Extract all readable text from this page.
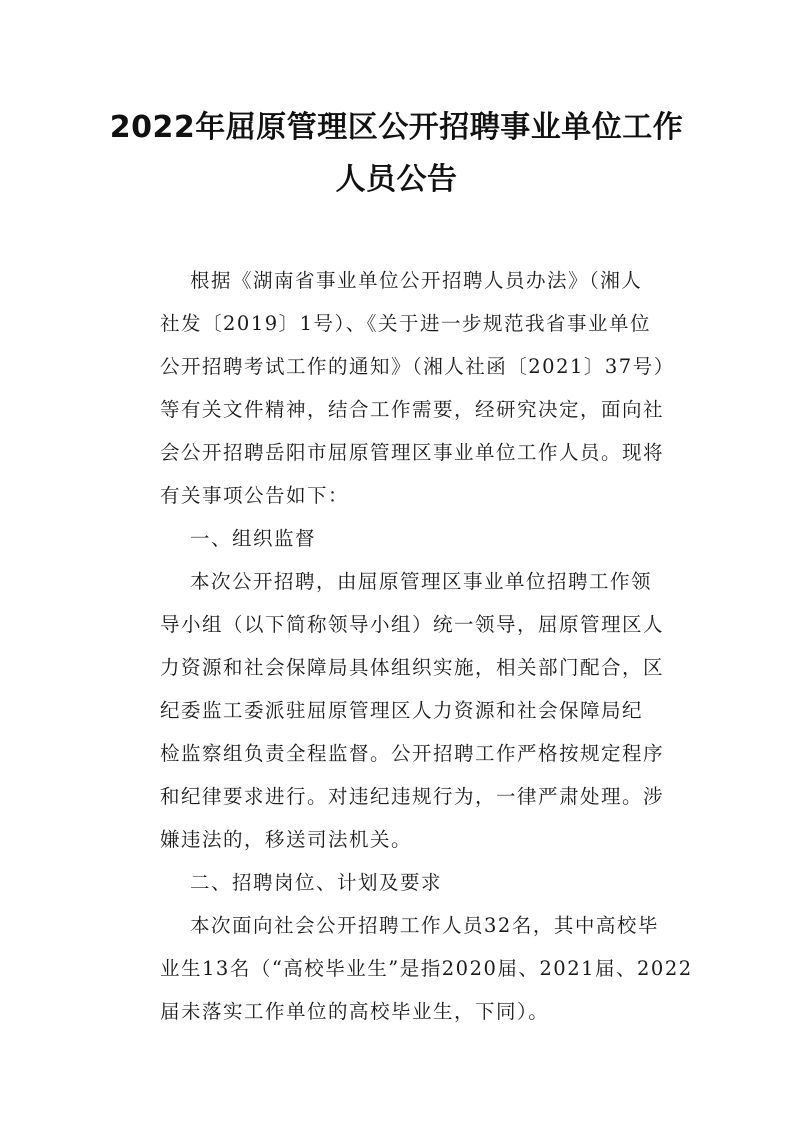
2022年屈原管理区公开招聘事业单位工作
人员公告
根据《湖南省事业单位公开招聘人员办法》（湘人
社发〔2019〕1号）、《关于进一步规范我省事业单位
公开招聘考试工作的通知》（湘人社函〔2021〕37号）
等有关文件精神，结合工作需要，经研究决定，面向社
会公开招聘岳阳市屈原管理区事业单位工作人员。现将
有关事项公告如下：
一、组织监督
本次公开招聘，由屈原管理区事业单位招聘工作领
导小组（以下简称领导小组）统一领导，屈原管理区人
力资源和社会保障局具体组织实施，相关部门配合，区
纪委监工委派驻屈原管理区人力资源和社会保障局纪
检监察组负责全程监督。公开招聘工作严格按规定程序
和纪律要求进行。对违纪违规行为，一律严肃处理。涉
嫌违法的，移送司法机关。
二、招聘岗位、计划及要求
本次面向社会公开招聘工作人员32名，其中高校毕
业生13名（“高校毕业生”是指2020届、2021届、2022
届未落实工作单位的高校毕业生，下同）。
